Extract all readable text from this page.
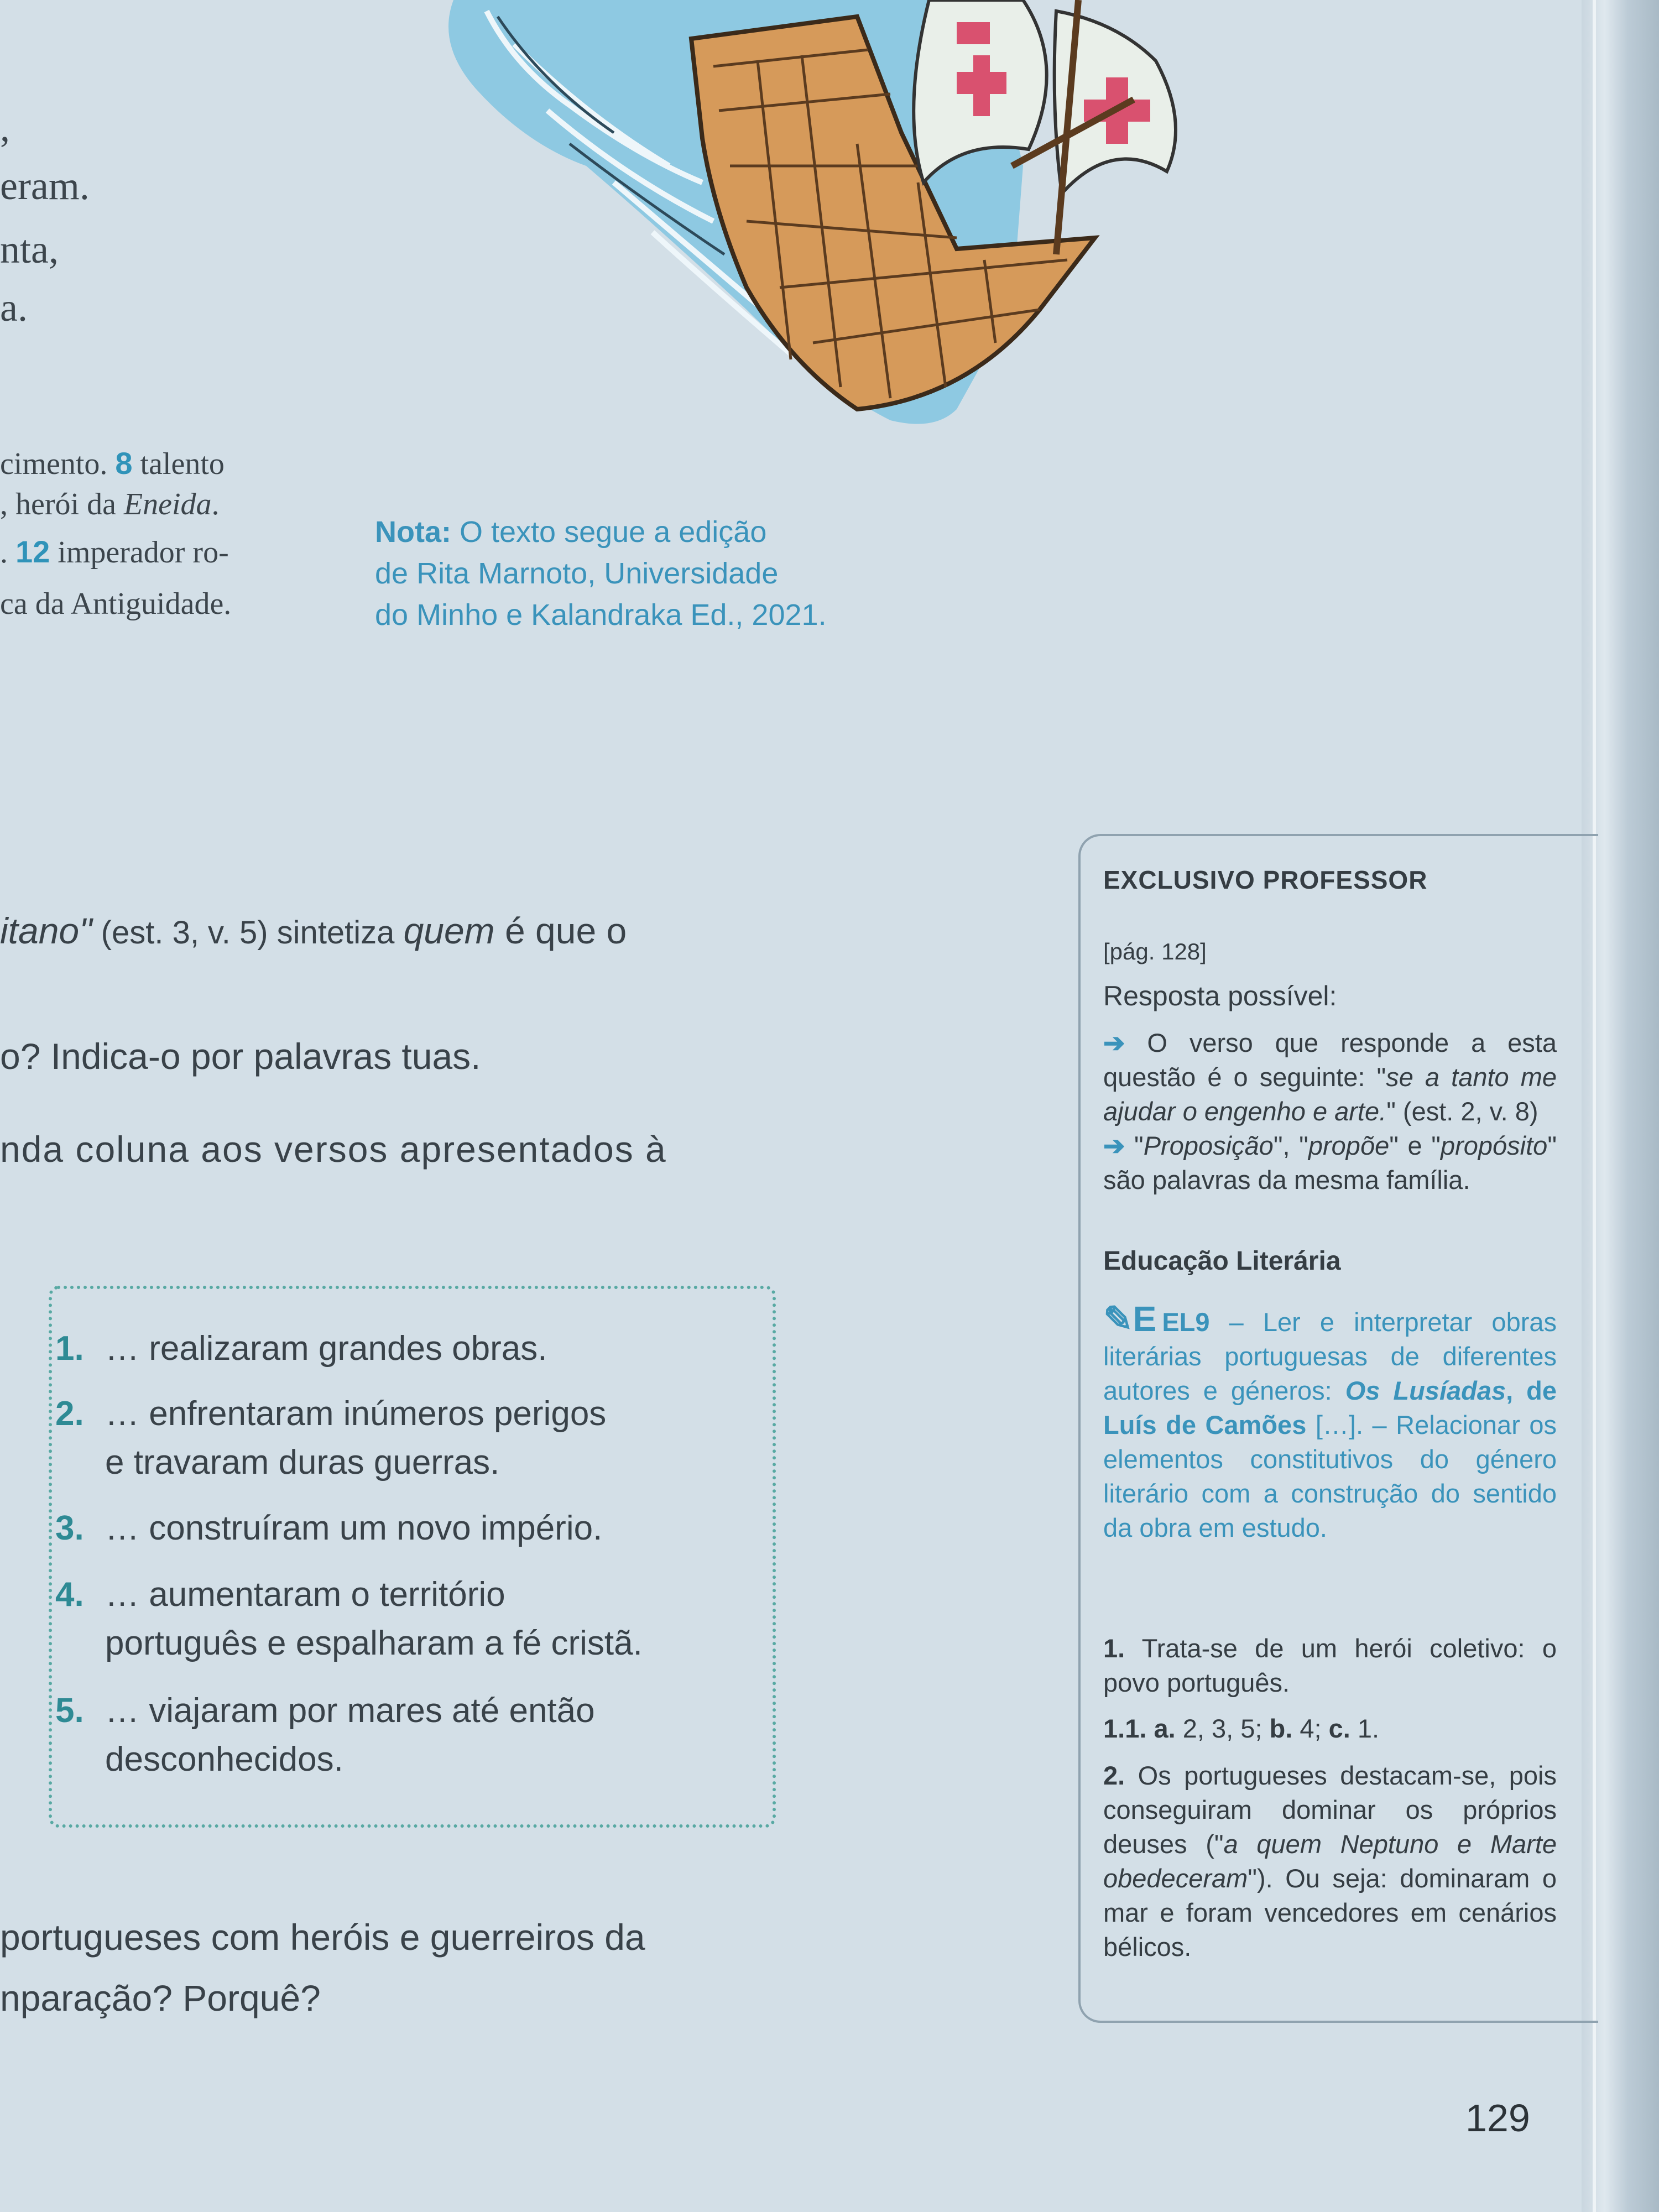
,
eram.
nta,
a.
cimento. 8 talento
, herói da Eneida.
. 12 imperador ro-
ca da Antiguidade.
Nota: O texto segue a edição
de Rita Marnoto, Universidade
do Minho e Kalandraka Ed., 2021.
itano" (est. 3, v. 5) sintetiza quem é que o
o? Indica-o por palavras tuas.
nda coluna aos versos apresentados à
1. … realizaram grandes obras.
2. … enfrentaram inúmeros perigos
e travaram duras guerras.
3. … construíram um novo império.
4. … aumentaram o território
português e espalharam a fé cristã.
5. … viajaram por mares até então
desconhecidos.
portugueses com heróis e guerreiros da
nparação? Porquê?
EXCLUSIVO PROFESSOR
[pág. 128]
Resposta possível:
➔ O verso que responde a esta questão é o seguinte: "se a tanto me ajudar o engenho e arte." (est. 2, v. 8)
➔ "Proposição", "propõe" e "propósito" são palavras da mesma família.
Educação Literária
✎E EL9 – Ler e interpretar obras literárias portuguesas de diferentes autores e géneros: Os Lusíadas, de Luís de Camões […]. – Relacionar os elementos constitutivos do género literário com a construção do sentido da obra em estudo.
1. Trata-se de um herói coletivo: o povo português.
1.1. a. 2, 3, 5; b. 4; c. 1.
2. Os portugueses destacam-se, pois conseguiram dominar os próprios deuses ("a quem Neptuno e Marte obedeceram"). Ou seja: dominaram o mar e foram vencedores em cenários bélicos.
129
